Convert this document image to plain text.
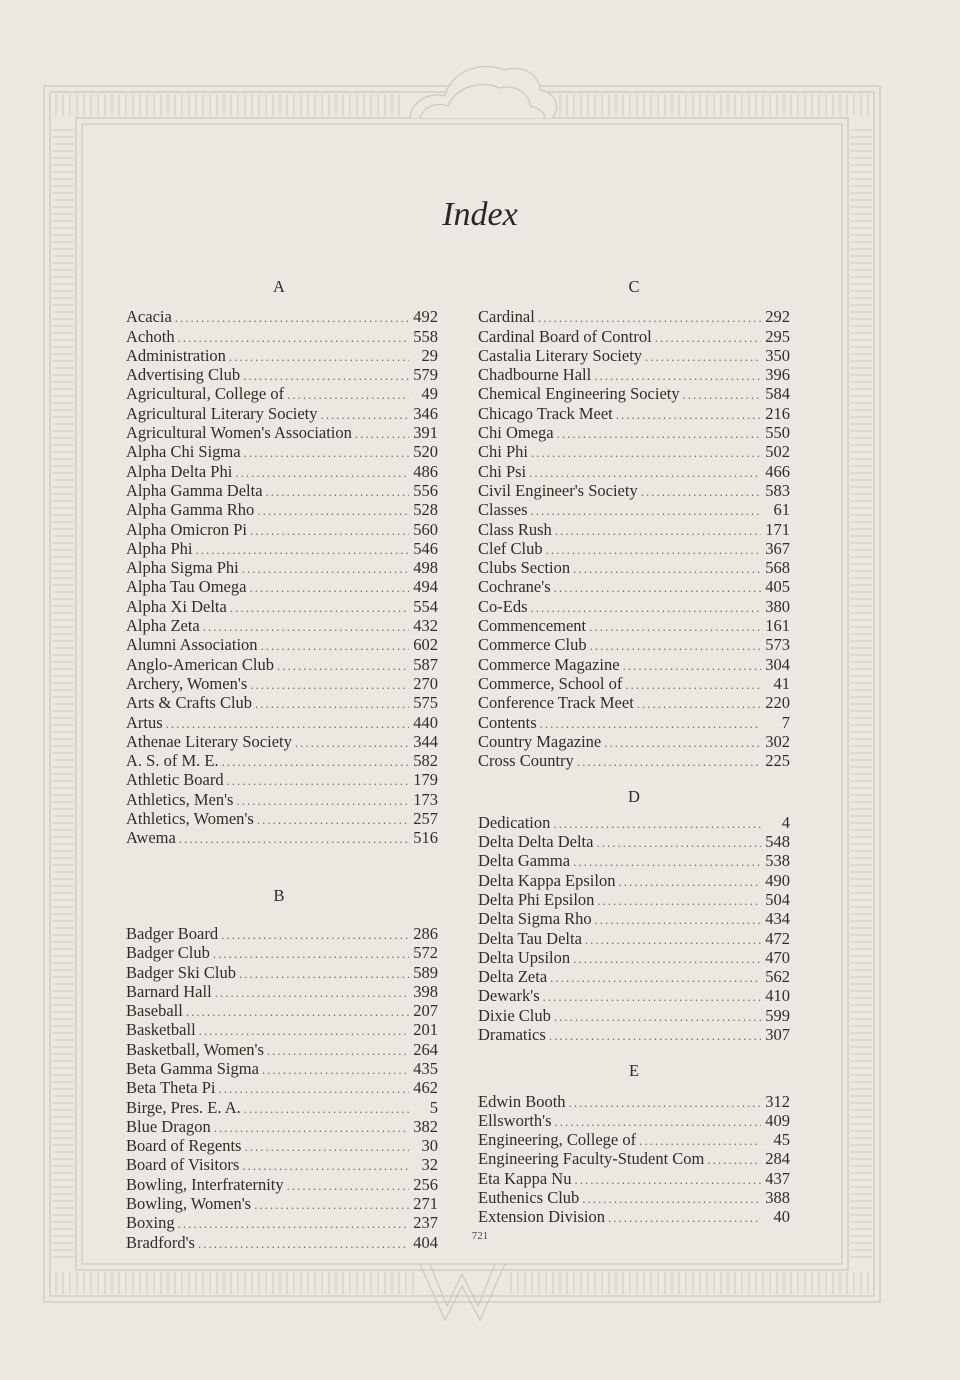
Index
A
Acacia .....	492
Achoth .....	558
Administration .....	29
Advertising Club .....	579
Agricultural, College of .....	49
Agricultural Literary Society .....	346
Agricultural Women's Association .....	391
Alpha Chi Sigma .....	520
Alpha Delta Phi .....	486
Alpha Gamma Delta .....	556
Alpha Gamma Rho .....	528
Alpha Omicron Pi .....	560
Alpha Phi .....	546
Alpha Sigma Phi .....	498
Alpha Tau Omega .....	494
Alpha Xi Delta .....	554
Alpha Zeta .....	432
Alumni Association .....	602
Anglo-American Club .....	587
Archery, Women's .....	270
Arts & Crafts Club .....	575
Artus .....	440
Athenae Literary Society .....	344
A. S. of M. E. .....	582
Athletic Board .....	179
Athletics, Men's .....	173
Athletics, Women's .....	257
Awema .....	516
B
Badger Board .....	286
Badger Club .....	572
Badger Ski Club .....	589
Barnard Hall .....	398
Baseball .....	207
Basketball .....	201
Basketball, Women's .....	264
Beta Gamma Sigma .....	435
Beta Theta Pi .....	462
Birge, Pres. E. A. .....	5
Blue Dragon .....	382
Board of Regents .....	30
Board of Visitors .....	32
Bowling, Interfraternity .....	256
Bowling, Women's .....	271
Boxing .....	237
Bradford's .....	404
C
Cardinal .....	292
Cardinal Board of Control .....	295
Castalia Literary Society .....	350
Chadbourne Hall .....	396
Chemical Engineering Society .....	584
Chicago Track Meet .....	216
Chi Omega .....	550
Chi Phi .....	502
Chi Psi .....	466
Civil Engineer's Society .....	583
Classes .....	61
Class Rush .....	171
Clef Club .....	367
Clubs Section .....	568
Cochrane's .....	405
Co-Eds .....	380
Commencement .....	161
Commerce Club .....	573
Commerce Magazine .....	304
Commerce, School of .....	41
Conference Track Meet .....	220
Contents .....	7
Country Magazine .....	302
Cross Country .....	225
D
Dedication .....	4
Delta Delta Delta .....	548
Delta Gamma .....	538
Delta Kappa Epsilon .....	490
Delta Phi Epsilon .....	504
Delta Sigma Rho .....	434
Delta Tau Delta .....	472
Delta Upsilon .....	470
Delta Zeta .....	562
Dewark's .....	410
Dixie Club .....	599
Dramatics .....	307
E
Edwin Booth .....	312
Ellsworth's .....	409
Engineering, College of .....	45
Engineering Faculty-Student Com .....	284
Eta Kappa Nu .....	437
Euthenics Club .....	388
Extension Division .....	40
721
